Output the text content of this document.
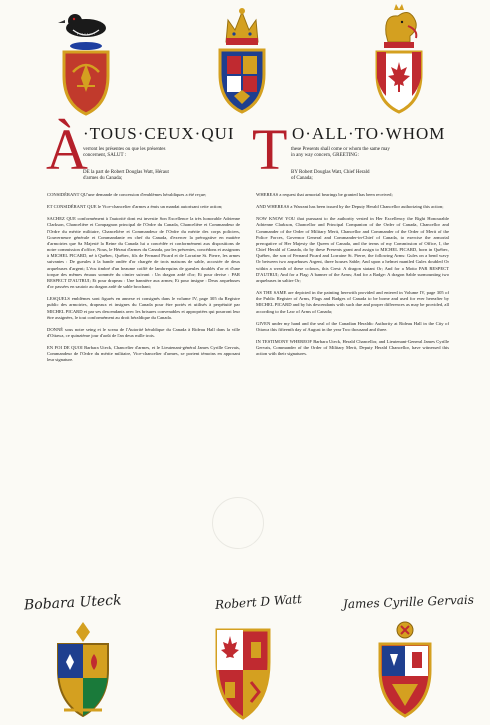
À
·TOUS·CEUX·QUI
verront les présentes ou que les présentes
concernent, SALUT :
DE la part de Robert Douglas Watt, Héraut
d'armes du Canada;	T O·ALL·TO·WHOM
these Presents shall come or whom the same may
in any way concern, GREETING:
BY Robert Douglas Watt, Chief Herald
of Canada;

CONSIDÉRANT QU'une demande de concession d'emblèmes héraldiques a été reçue;

ET CONSIDÉRANT QUE le Vice-chancelier d'armes a émis un mandat autorisant cette action;

SACHEZ QUE conformément à l'autorité dont est investie Son Excellence la très honorable Adrienne Clarkson, Chancelière et Compagnon principal de l'Ordre du Canada, Chancelière et Commandeur de l'Ordre du mérite militaire, Chancelière et Commandeur de l'Ordre du mérite des corps policiers, Gouverneure générale et Commandante en chef du Canada, d'exercer la prérogative en matière d'armoiries que Sa Majesté la Reine du Canada lui a concédée et conformément aux dispositions de notre commission d'office, Nous, le Héraut d'armes du Canada, par les présentes, concédons et assignons à MICHEL PICARD, né à Québec, Québec, fils de Fernand Picard et de Lorraine St. Pierre, les armes suivantes : De gueules à la bande ondée d'or chargée de trois maisons de sable, accostée de deux arquebuses d'argent; L'écu timbré d'un heaume coiffé de lambrequins de gueules doublés d'or et d'une torque des mêmes émaux sommée du cimier suivant : Un dragon ardé d'or; Et pour devise : PAR RESPECT D'AUTRUI; Et pour drapeau : Une bannière aux armes; Et pour insigne : Deux arquebuses d'or passées en sautoir au dragon ardé de sable brochant;

LESQUELS emblèmes sont figurés en annexe et consignés dans le volume IV, page 305 du Registre public des armoiries, drapeaux et insignes du Canada pour être portés et utilisés à perpétuité par MICHEL PICARD et par ses descendants avec les brisures convenables et appropriées qui pourront leur être assignées, le tout conformément au droit héraldique du Canada.

DONNÉ sous notre seing et le sceau de l'Autorité héraldique du Canada à Rideau Hall dans la ville d'Ottawa, ce quinzième jour d'août de l'an deux mille trois.

EN FOI DE QUOI Barbara Uteck, Chancelier d'armes, et le Lieutenant-général James Cyrille Gervais, Commandeur de l'Ordre du mérite militaire, Vice-chancelier d'armes, se portent témoins en apposant leur signature.

WHEREAS a request that armorial bearings be granted has been received;

AND WHEREAS a Warrant has been issued by the Deputy Herald Chancellor authorizing this action;

NOW KNOW YOU that pursuant to the authority vested in Her Excellency the Right Honourable Adrienne Clarkson, Chancellor and Principal Companion of the Order of Canada, Chancellor and Commander of the Order of Military Merit, Chancellor and Commander of the Order of Merit of the Police Forces, Governor General and Commander-in-Chief of Canada, to exercise the armorial prerogative of Her Majesty the Queen of Canada, and the terms of my Commission of Office, I, the Chief Herald of Canada, do by these Presents grant and assign to MICHEL PICARD, born in Québec, Québec, the son of Fernand Picard and Lorraine St. Pierre, the following Arms: Gules on a bend wavy Or between two arquebuses Argent, three houses Sable; And upon a helmet mantled Gules doubled Or within a wreath of these colours, this Crest: A dragon statant Or; And for a Motto PAR RESPECT D'AUTRUI; And for a Flag: A banner of the Arms; And for a Badge: A dragon Sable surmounting two arquebuses in saltire Or;

AS THE SAME are depicted in the painting herewith provided and entered in Volume IV, page 305 of the Public Register of Arms, Flags and Badges of Canada to be borne and used for ever hereafter by MICHEL PICARD and by his descendants with such due and proper differences as may be provided, all according to the Law of Arms of Canada;

GIVEN under my hand and the seal of the Canadian Heraldic Authority at Rideau Hall in the City of Ottawa this fifteenth day of August in the year Two thousand and three.

IN TESTIMONY WHEREOF Barbara Uteck, Herald Chancellor, and Lieutenant-General James Cyrille Gervais, Commander of the Order of Military Merit, Deputy Herald Chancellor, have witnessed this action with their signatures.

Bobara Uteck	Robert D Watt	James Cyrille Gervais
